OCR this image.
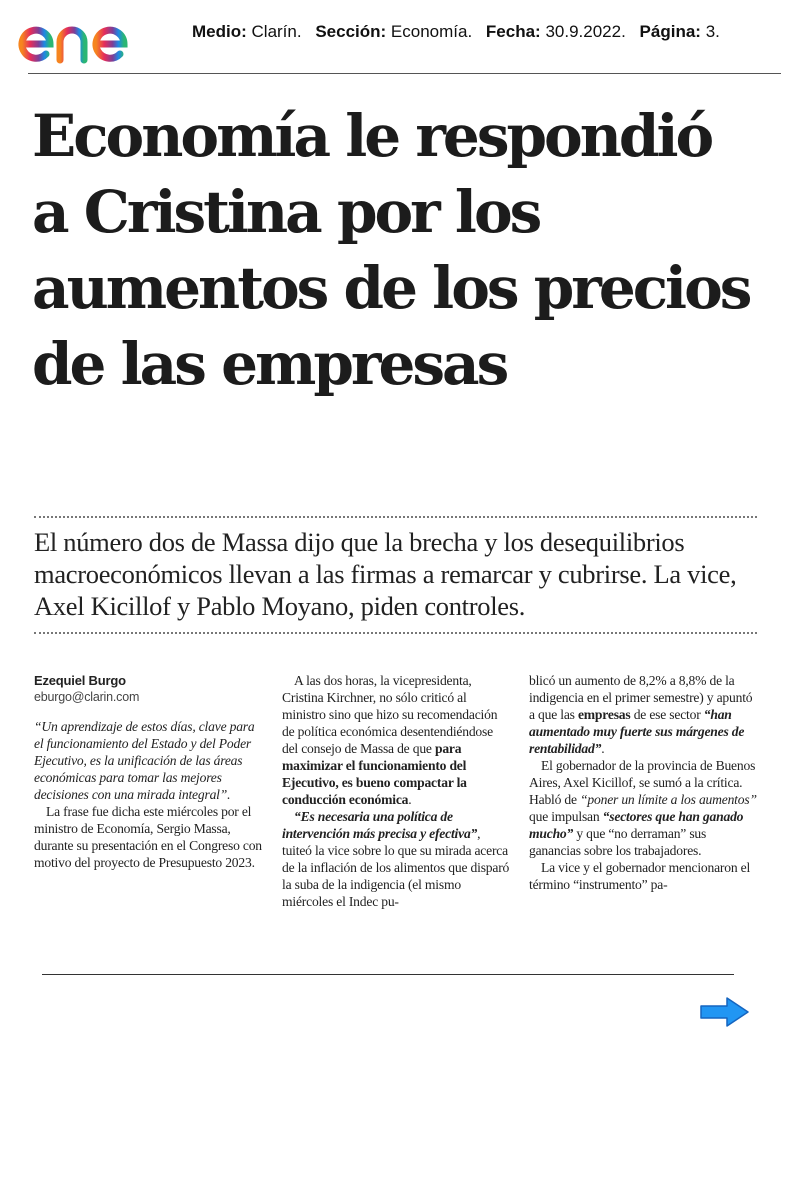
Medio: Clarín. Sección: Economía. Fecha: 30.9.2022. Página: 3.
Economía le respondió a Cristina por los aumentos de los precios de las empresas

El número dos de Massa dijo que la brecha y los desequilibrios macroeconómicos llevan a las firmas a remarcar y cubrirse. La vice, Axel Kicillof y Pablo Moyano, piden controles.

Ezequiel Burgo

eburgo@clarin.com

“Un aprendizaje de estos días, clave para el funcionamiento del Estado y del Poder Ejecutivo, es la unificación de las áreas económicas para tomar las mejores decisiones con una mirada integral”.

La frase fue dicha este miércoles por el ministro de Economía, Sergio Massa, durante su presentación en el Congreso con motivo del proyecto de Presupuesto 2023.

A las dos horas, la vicepresidenta, Cristina Kirchner, no sólo criticó al ministro sino que hizo su recomendación de política económica desentendiéndose del consejo de Massa de que para maximizar el funcionamiento del Ejecutivo, es bueno compactar la conducción económica.

“Es necesaria una política de intervención más precisa y efectiva”, tuiteó la vice sobre lo que su mirada acerca de la inflación de los alimentos que disparó la suba de la indigencia (el mismo miércoles el Indec pu-

blicó un aumento de 8,2% a 8,8% de la indigencia en el primer semestre) y apuntó a que las empresas de ese sector “han aumentado muy fuerte sus márgenes de rentabilidad”.

El gobernador de la provincia de Buenos Aires, Axel Kicillof, se sumó a la crítica. Habló de “poner un límite a los aumentos” que impulsan “sectores que han ganado mucho” y que “no derraman” sus ganancias sobre los trabajadores.

La vice y el gobernador mencionaron el término “instrumento” pa-
